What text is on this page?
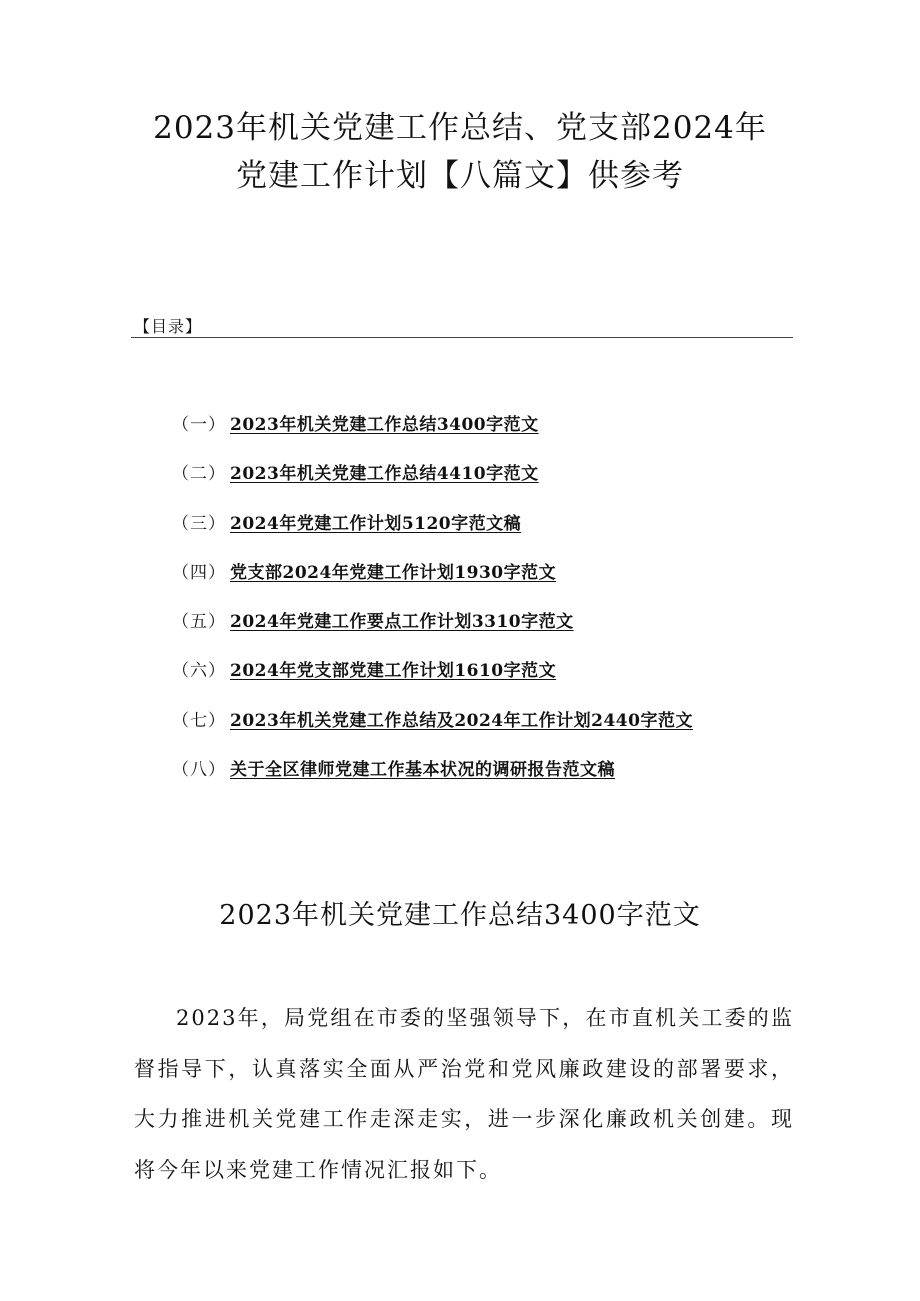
2023年机关党建工作总结、党支部2024年
党建工作计划【八篇文】供参考
【目录】
（一） 2023年机关党建工作总结3400字范文
（二） 2023年机关党建工作总结4410字范文
（三） 2024年党建工作计划5120字范文稿
（四） 党支部2024年党建工作计划1930字范文
（五） 2024年党建工作要点工作计划3310字范文
（六） 2024年党支部党建工作计划1610字范文
（七） 2023年机关党建工作总结及2024年工作计划2440字范文
（八） 关于全区律师党建工作基本状况的调研报告范文稿
2023年机关党建工作总结3400字范文

2023年，局党组在市委的坚强领导下，在市直机关工委的监督指导下，认真落实全面从严治党和党风廉政建设的部署要求，大力推进机关党建工作走深走实，进一步深化廉政机关创建。现将今年以来党建工作情况汇报如下。
